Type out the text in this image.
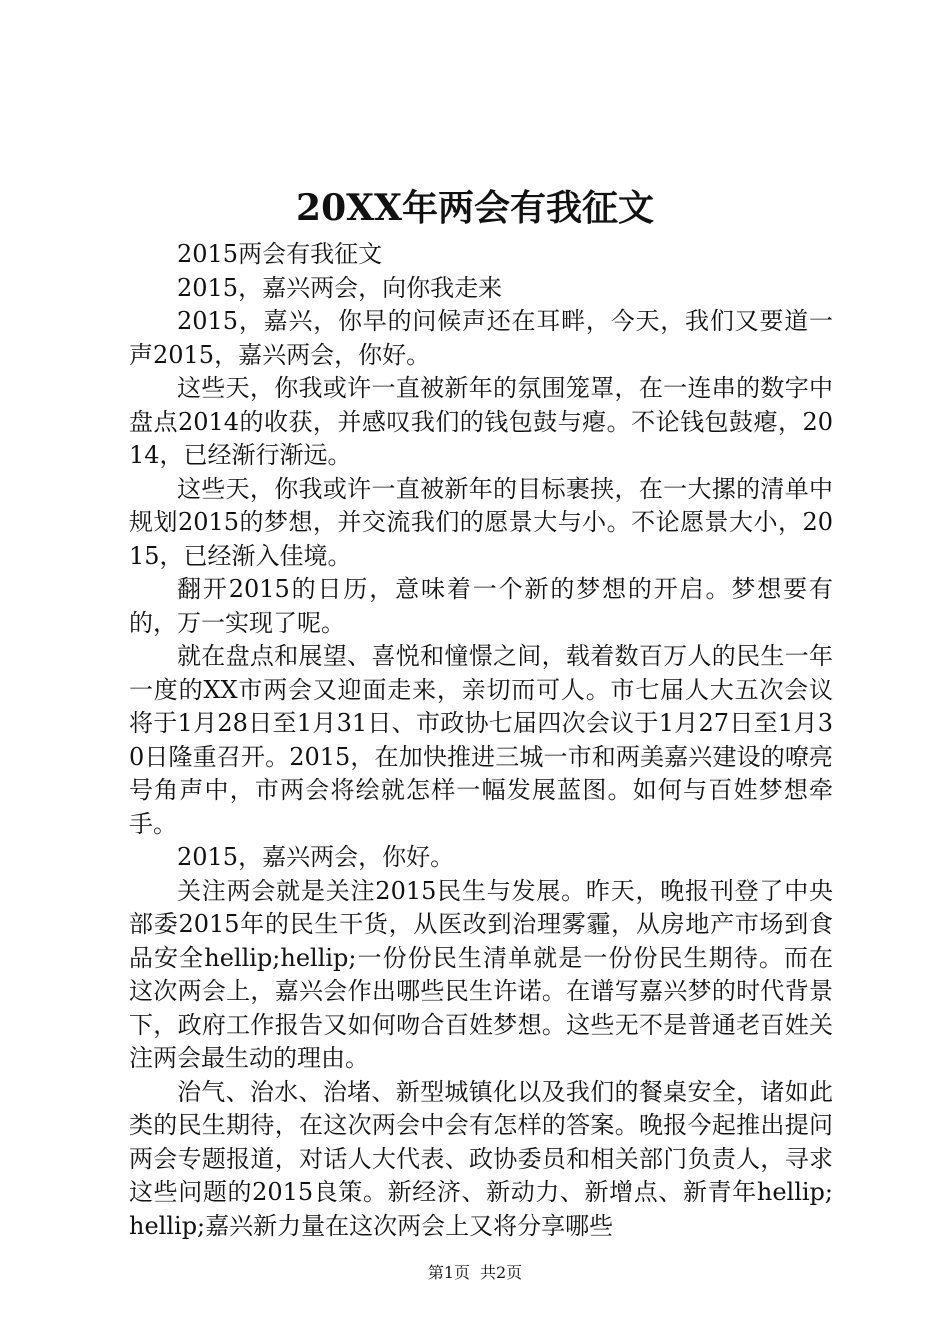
20XX年两会有我征文

2015两会有我征文

2015，嘉兴两会，向你我走来

2015，嘉兴，你早的问候声还在耳畔，今天，我们又要道一声2015，嘉兴两会，你好。

这些天，你我或许一直被新年的氛围笼罩，在一连串的数字中盘点2014的收获，并感叹我们的钱包鼓与瘪。不论钱包鼓瘪，2014，已经渐行渐远。

这些天，你我或许一直被新年的目标裹挟，在一大摞的清单中规划2015的梦想，并交流我们的愿景大与小。不论愿景大小，2015，已经渐入佳境。

翻开2015的日历，意味着一个新的梦想的开启。梦想要有的，万一实现了呢。

就在盘点和展望、喜悦和憧憬之间，载着数百万人的民生一年一度的XX市两会又迎面走来，亲切而可人。市七届人大五次会议将于1月28日至1月31日、市政协七届四次会议于1月27日至1月30日隆重召开。2015，在加快推进三城一市和两美嘉兴建设的嘹亮号角声中，市两会将绘就怎样一幅发展蓝图。如何与百姓梦想牵手。

2015，嘉兴两会，你好。

关注两会就是关注2015民生与发展。昨天，晚报刊登了中央部委2015年的民生干货，从医改到治理雾霾，从房地产市场到食品安全hellip;hellip;一份份民生清单就是一份份民生期待。而在这次两会上，嘉兴会作出哪些民生许诺。在谱写嘉兴梦的时代背景下，政府工作报告又如何吻合百姓梦想。这些无不是普通老百姓关注两会最生动的理由。

治气、治水、治堵、新型城镇化以及我们的餐桌安全，诸如此类的民生期待，在这次两会中会有怎样的答案。晚报今起推出提问两会专题报道，对话人大代表、政协委员和相关部门负责人，寻求这些问题的2015良策。新经济、新动力、新增点、新青年hellip;hellip;嘉兴新力量在这次两会上又将分享哪些

第1页 共2页
